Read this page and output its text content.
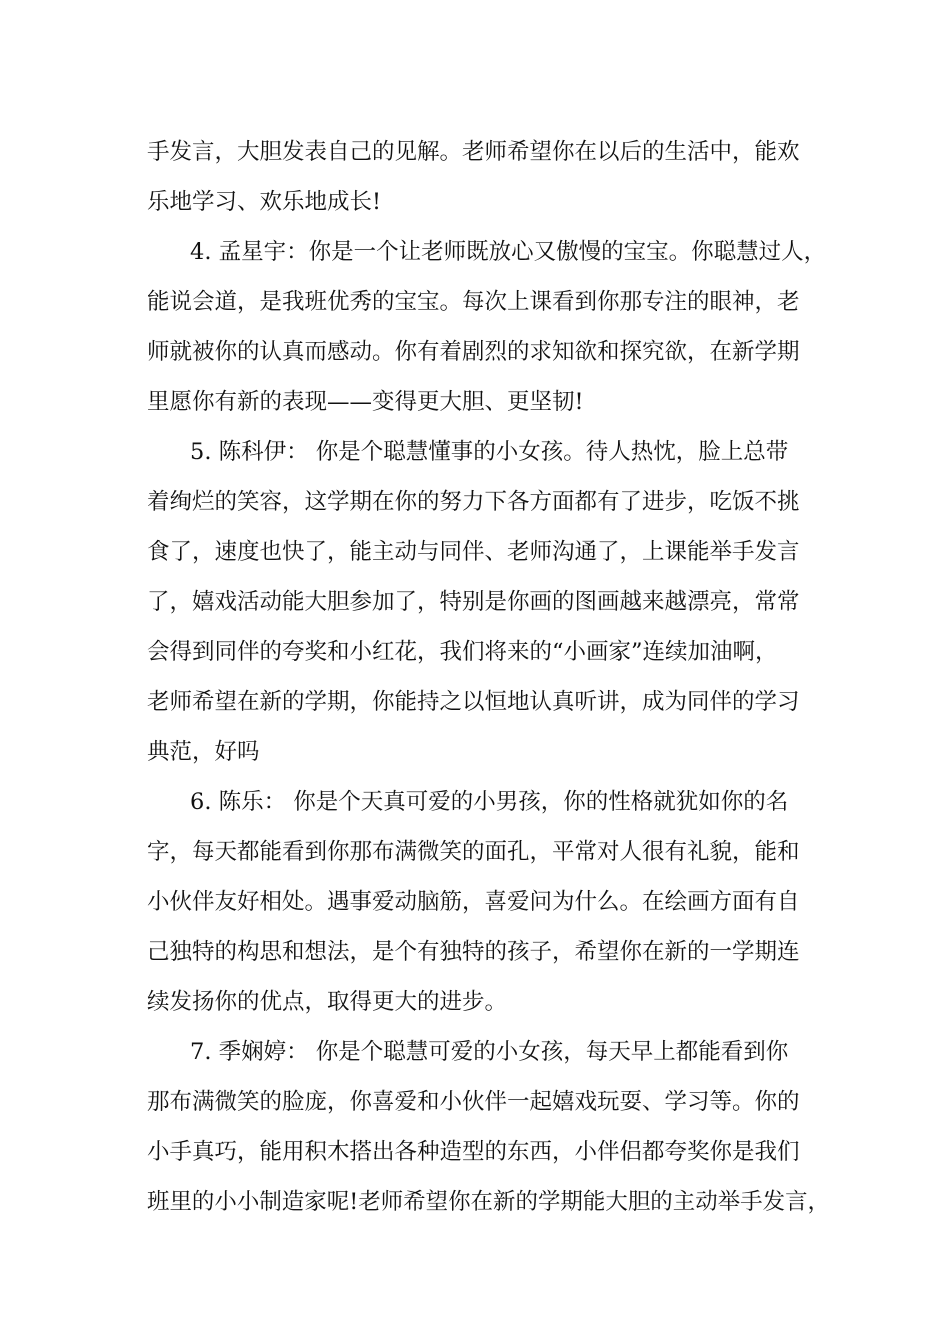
手发言，大胆发表自己的见解。老师希望你在以后的生活中，能欢
乐地学习、欢乐地成长!
4. 孟星宇：你是一个让老师既放心又傲慢的宝宝。你聪慧过人，
能说会道，是我班优秀的宝宝。每次上课看到你那专注的眼神，老
师就被你的认真而感动。你有着剧烈的求知欲和探究欲，在新学期
里愿你有新的表现——变得更大胆、更坚韧!
5. 陈科伊： 你是个聪慧懂事的小女孩。待人热忱，脸上总带
着绚烂的笑容，这学期在你的努力下各方面都有了进步，吃饭不挑
食了，速度也快了，能主动与同伴、老师沟通了，上课能举手发言
了，嬉戏活动能大胆参加了，特别是你画的图画越来越漂亮，常常
会得到同伴的夸奖和小红花，我们将来的“小画家”连续加油啊，
老师希望在新的学期，你能持之以恒地认真听讲，成为同伴的学习
典范，好吗
6. 陈乐： 你是个天真可爱的小男孩，你的性格就犹如你的名
字，每天都能看到你那布满微笑的面孔，平常对人很有礼貌，能和
小伙伴友好相处。遇事爱动脑筋，喜爱问为什么。在绘画方面有自
己独特的构思和想法，是个有独特的孩子，希望你在新的一学期连
续发扬你的优点，取得更大的进步。
7. 季娴婷： 你是个聪慧可爱的小女孩，每天早上都能看到你
那布满微笑的脸庞，你喜爱和小伙伴一起嬉戏玩耍、学习等。你的
小手真巧，能用积木搭出各种造型的东西，小伴侣都夸奖你是我们
班里的小小制造家呢!老师希望你在新的学期能大胆的主动举手发言，
